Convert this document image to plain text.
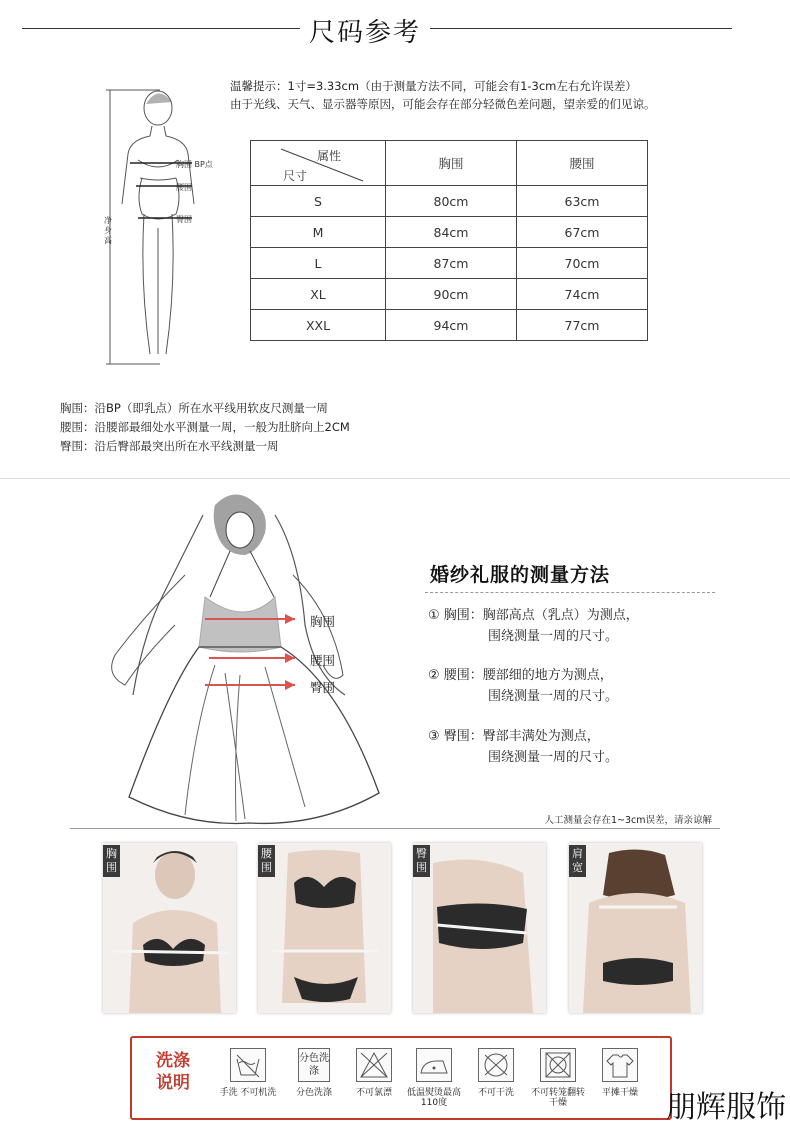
尺码参考
温馨提示：1寸=3.33cm（由于测量方法不同，可能会有1-3cm左右允许误差）
由于光线、天气、显示器等原因，可能会存在部分轻微色差问题，望亲爱的们见谅。
胸围 BP点
腰围
臀围
净身高
属性
尺寸	胸围	腰围
S	80cm	63cm
M	84cm	67cm
L	87cm	70cm
XL	90cm	74cm
XXL	94cm	77cm
胸围：沿BP（即乳点）所在水平线用软皮尺测量一周
腰围：沿腰部最细处水平测量一周，一般为肚脐向上2CM
臀围：沿后臀部最突出所在水平线测量一周
胸围
腰围
臀围
婚纱礼服的测量方法
① 胸围：胸部高点（乳点）为测点，
围绕测量一周的尺寸。
② 腰围：腰部细的地方为测点，
围绕测量一周的尺寸。
③ 臀围：臀部丰满处为测点，
围绕测量一周的尺寸。
人工测量会存在1~3cm误差，请亲谅解
胸围
腰围
臀围
肩宽
洗涤说明	手洗 不可机洗
分色洗涤
分色洗涤	不可氯漂	低温熨烫最高110度
不可干洗	不可转笼翻转干燥
平摊干燥 朋辉服饰
